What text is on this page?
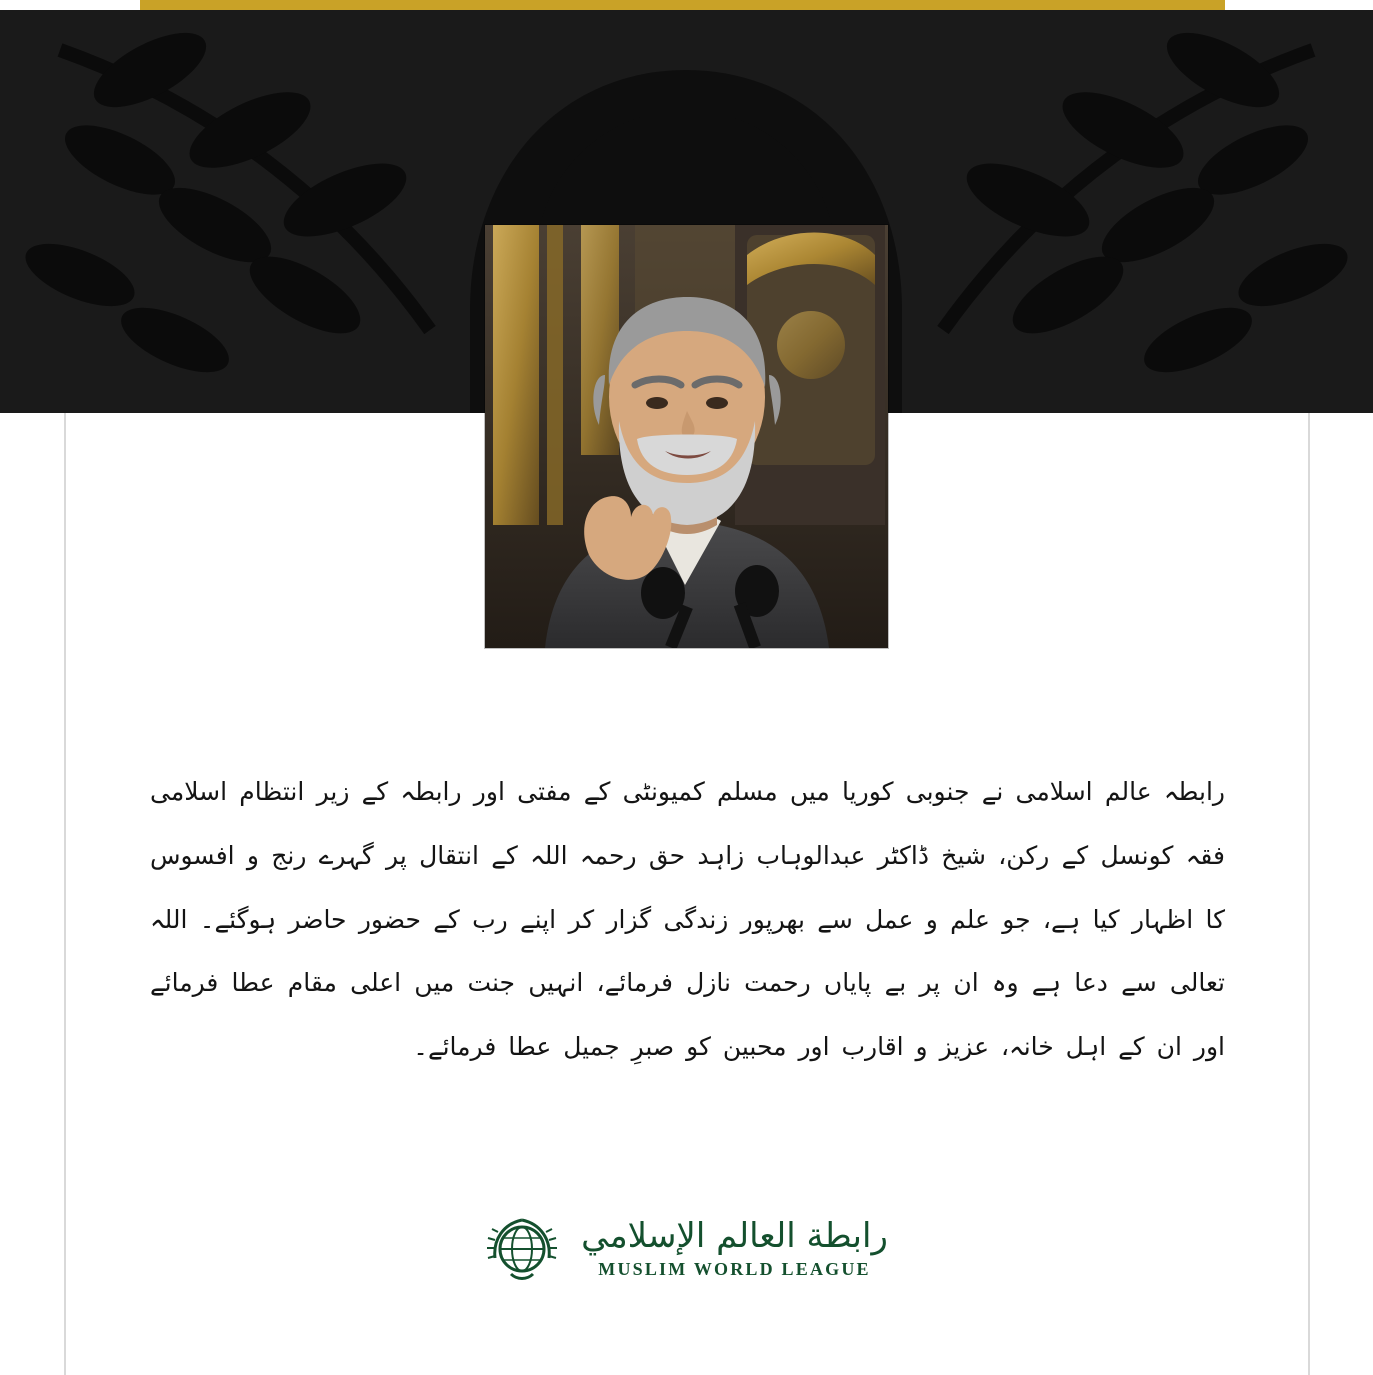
رابطہ عالم اسلامی نے جنوبی کوریا میں مسلم کمیونٹی کے مفتی اور رابطہ کے زیر انتظام اسلامی فقہ کونسل کے رکن، شیخ ڈاکٹر عبدالوہاب زاہد حق رحمہ اللہ کے انتقال پر گہرے رنج و افسوس کا اظہار کیا ہے، جو علم و عمل سے بھرپور زندگی گزار کر اپنے رب کے حضور حاضر ہوگئے۔ اللہ تعالی سے دعا ہے وہ ان پر بے پایاں رحمت نازل فرمائے، انہیں جنت میں اعلی مقام عطا فرمائے اور ان کے اہل خانہ، عزیز و اقارب اور محبین کو صبرِ جمیل عطا فرمائے۔
رابطة العالم الإسلامي
MUSLIM WORLD LEAGUE
